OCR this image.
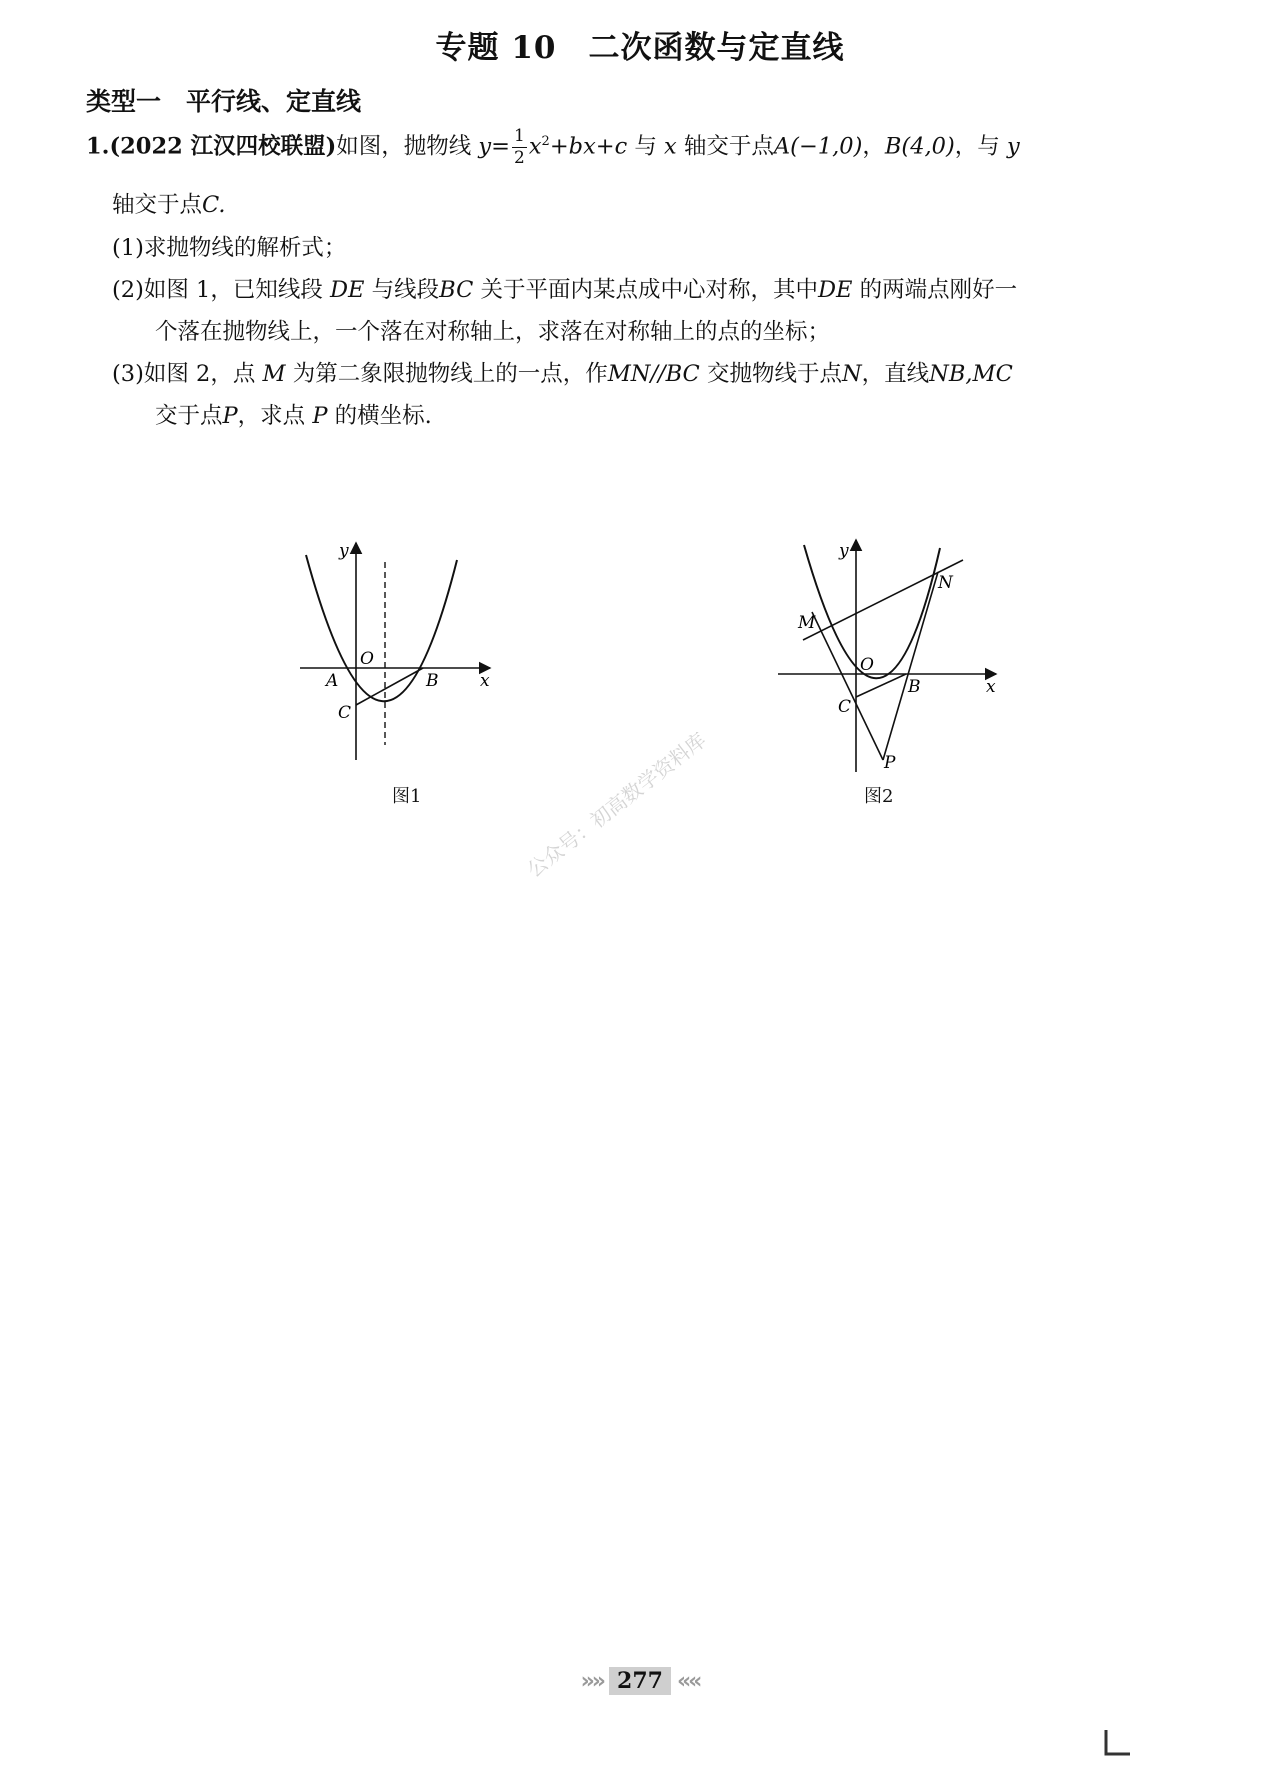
专题 10　二次函数与定直线
类型一　平行线、定直线
1.(2022 江汉四校联盟)如图，抛物线 $y= \frac{1}{2} x^2+bx+c$ 与 x 轴交于点A(−1,0)，B(4,0)，与 y
轴交于点C.
(1)求抛物线的解析式；
(2)如图 1，已知线段 DE 与线段BC 关于平面内某点成中心对称，其中DE 的两端点刚好一
个落在抛物线上，一个落在对称轴上，求落在对称轴上的点的坐标；
(3)如图 2，点 M 为第二象限抛物线上的一点，作MN//BC 交抛物线于点N，直线NB,MC
交于点P，求点 P 的横坐标.
y
O
A	B x
C
图1
y
M
N
O
B	x
C
P
图2
公众号：初高数学资料库
»» 277 ««
